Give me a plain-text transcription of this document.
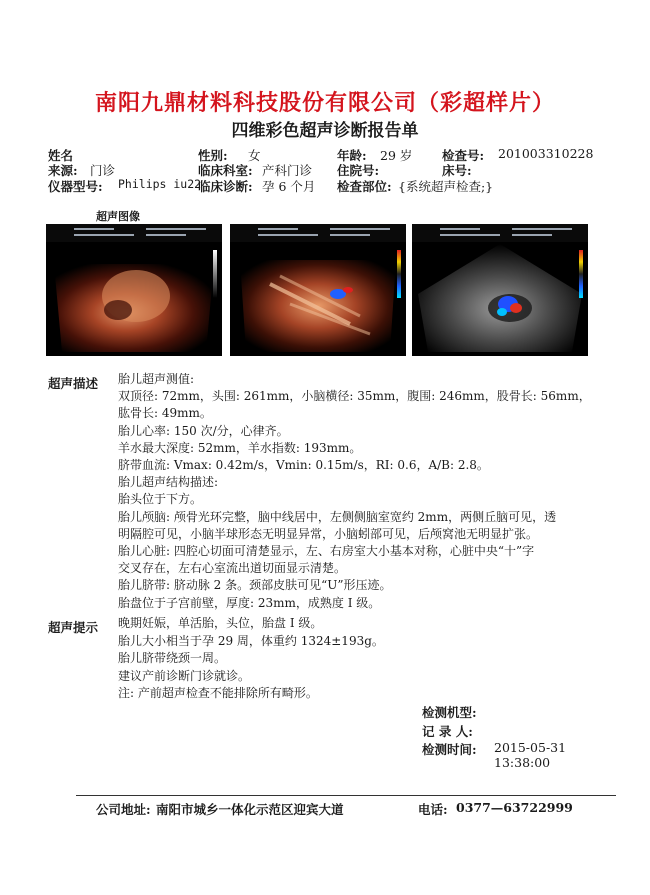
南阳九鼎材料科技股份有限公司（彩超样片）
四维彩色超声诊断报告单
姓名	性别: 女	年龄: 29 岁 检查号: 201003310228
来源: 门诊	临床科室: 产科门诊 住院号:	床号:
仪器型号: Philips iu22
临床诊断: 孕 6 个月 检查部位: {系统超声检查;}
超声图像
超声描述 胎儿超声测值:
双顶径: 72mm，头围: 261mm，小脑横径: 35mm，腹围: 246mm，股骨长: 56mm，
肱骨长: 49mm。
胎儿心率: 150 次/分，心律齐。
羊水最大深度: 52mm，羊水指数: 193mm。
脐带血流: Vmax: 0.42m/s，Vmin: 0.15m/s，RI: 0.6，A/B: 2.8。
胎儿超声结构描述:
胎头位于下方。
胎儿颅脑: 颅骨光环完整，脑中线居中，左侧侧脑室宽约 2mm，两侧丘脑可见，透
明隔腔可见，小脑半球形态无明显异常，小脑蚓部可见，后颅窝池无明显扩张。
胎儿心脏: 四腔心切面可清楚显示，左、右房室大小基本对称，心脏中央“十”字
交叉存在，左右心室流出道切面显示清楚。
胎儿脐带: 脐动脉 2 条。颈部皮肤可见“U”形压迹。
胎盘位于子宫前壁，厚度: 23mm，成熟度 I 级。
超声提示 晚期妊娠，单活胎，头位，胎盘 I 级。
胎儿大小相当于孕 29 周，体重约 1324±193g。
胎儿脐带绕颈一周。
建议产前诊断门诊就诊。
注: 产前超声检查不能排除所有畸形。
检测机型:
记 录 人:
检测时间: 2015-05-31
13:38:00
公司地址: 南阳市城乡一体化示范区迎宾大道	电话: 0377—63722999
